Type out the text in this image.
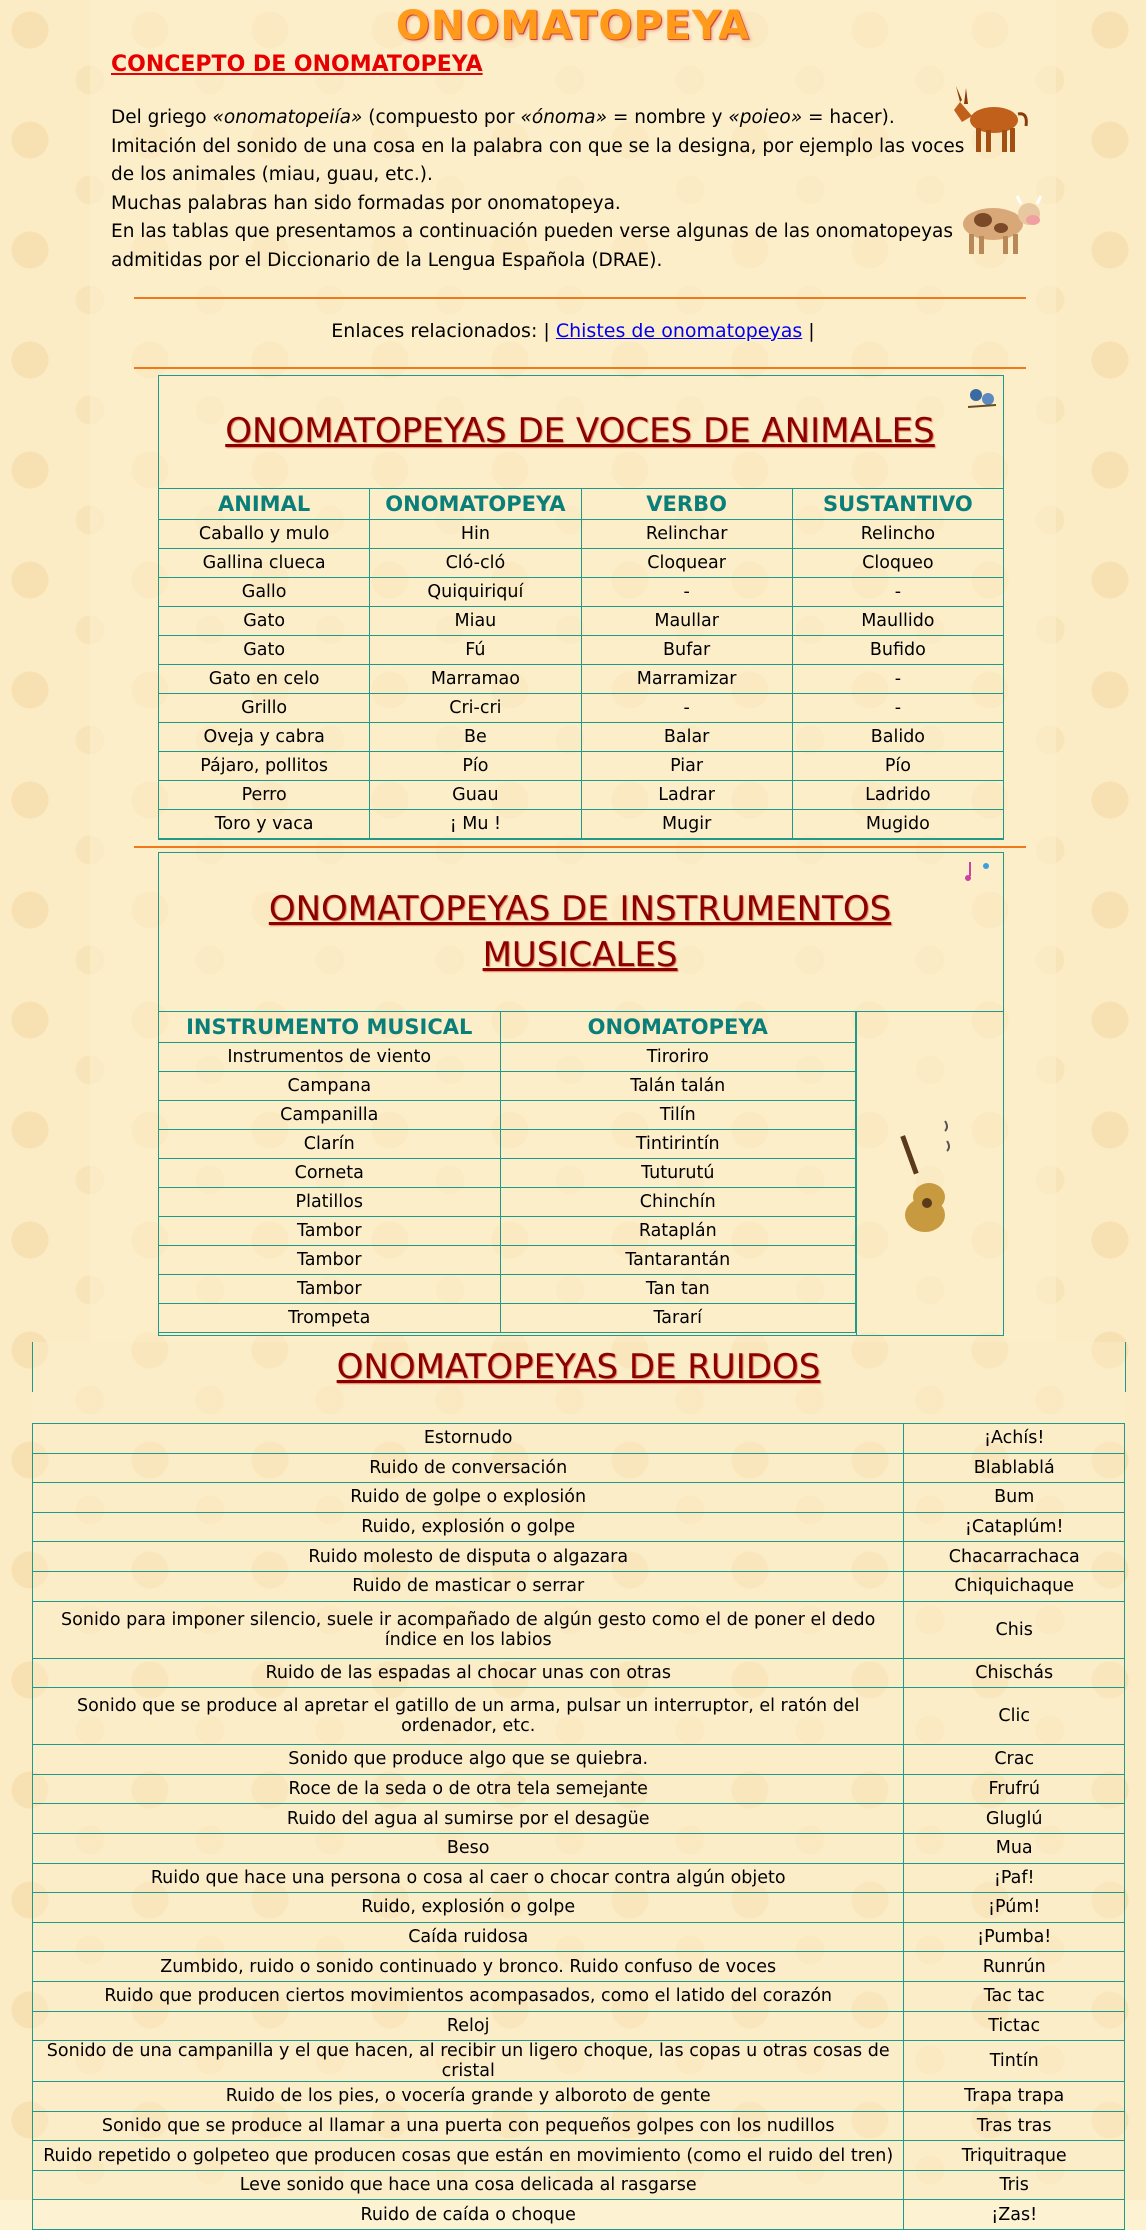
ONOMATOPEYA
CONCEPTO DE ONOMATOPEYA
Del griego «onomatopeiía» (compuesto por «ónoma» = nombre y «poieo» = hacer).
Imitación del sonido de una cosa en la palabra con que se la designa, por ejemplo las voces
de los animales (miau, guau, etc.).
Muchas palabras han sido formadas por onomatopeya.
En las tablas que presentamos a continuación pueden verse algunas de las onomatopeyas
admitidas por el Diccionario de la Lengua Española (DRAE).
Enlaces relacionados: | Chistes de onomatopeyas |
ONOMATOPEYAS DE VOCES DE ANIMALES
ANIMAL	ONOMATOPEYA	VERBO	SUSTANTIVO
Caballo y mulo	Hin	Relinchar	Relincho
Gallina clueca	Cló-cló	Cloquear	Cloqueo
Gallo	Quiquiriquí	-	-
Gato	Miau	Maullar	Maullido
Gato	Fú	Bufar	Bufido
Gato en celo	Marramao	Marramizar	-
Grillo	Cri-cri	-	-
Oveja y cabra	Be	Balar	Balido
Pájaro, pollitos	Pío	Piar	Pío
Perro	Guau	Ladrar	Ladrido
Toro y vaca	¡ Mu !	Mugir	Mugido
ONOMATOPEYAS DE INSTRUMENTOS
MUSICALES
INSTRUMENTO MUSICAL	ONOMATOPEYA
Instrumentos de viento	Tiroriro
Campana	Talán talán
Campanilla	Tilín
Clarín	Tintirintín
Corneta	Tuturutú
Platillos	Chinchín
Tambor	Rataplán
Tambor	Tantarantán
Tambor	Tan tan
Trompeta	Tararí
ONOMATOPEYAS DE RUIDOS
Estornudo	¡Achís!
Ruido de conversación	Blablablá
Ruido de golpe o explosión	Bum
Ruido, explosión o golpe	¡Cataplúm!
Ruido molesto de disputa o algazara	Chacarrachaca
Ruido de masticar o serrar	Chiquichaque
Sonido para imponer silencio, suele ir acompañado de algún gesto como el de poner el dedo índice en los labios	Chis
Ruido de las espadas al chocar unas con otras	Chischás
Sonido que se produce al apretar el gatillo de un arma, pulsar un interruptor, el ratón del ordenador, etc.	Clic
Sonido que produce algo que se quiebra.	Crac
Roce de la seda o de otra tela semejante	Frufrú
Ruido del agua al sumirse por el desagüe	Gluglú
Beso	Mua
Ruido que hace una persona o cosa al caer o chocar contra algún objeto	¡Paf!
Ruido, explosión o golpe	¡Púm!
Caída ruidosa	¡Pumba!
Zumbido, ruido o sonido continuado y bronco. Ruido confuso de voces	Runrún
Ruido que producen ciertos movimientos acompasados, como el latido del corazón	Tac tac
Reloj	Tictac
Sonido de una campanilla y el que hacen, al recibir un ligero choque, las copas u otras cosas de cristal	Tintín
Ruido de los pies, o vocería grande y alboroto de gente	Trapa trapa
Sonido que se produce al llamar a una puerta con pequeños golpes con los nudillos	Tras tras
Ruido repetido o golpeteo que producen cosas que están en movimiento (como el ruido del tren)	Triquitraque
Leve sonido que hace una cosa delicada al rasgarse	Tris
Ruido de caída o choque	¡Zas!
